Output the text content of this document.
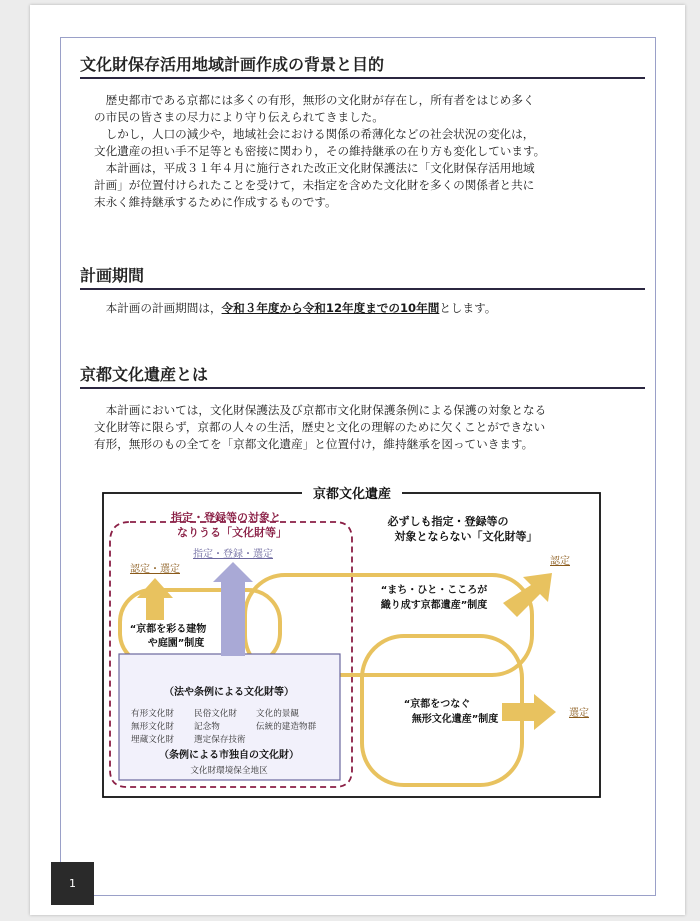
文化財保存活用地域計画作成の背景と目的

歴史都市である京都には多くの有形，無形の文化財が存在し，所有者をはじめ多く
の市民の皆さまの尽力により守り伝えられてきました。
しかし，人口の減少や，地域社会における関係の希薄化などの社会状況の変化は，
文化遺産の担い手不足等とも密接に関わり，その維持継承の在り方も変化しています。
本計画は，平成３１年４月に施行された改正文化財保護法に「文化財保存活用地域
計画」が位置付けられたことを受けて，未指定を含めた文化財を多くの関係者と共に
末永く維持継承するために作成するものです。

計画期間

本計画の計画期間は，令和３年度から令和12年度までの10年間とします。

京都文化遺産とは

本計画においては，文化財保護法及び京都市文化財保護条例による保護の対象となる
文化財等に限らず，京都の人々の生活，歴史と文化の理解のために欠くことができない
有形，無形のもの全てを「京都文化遺産」と位置付け，維持継承を図っていきます。

京都文化遺産
指定・登録等の対象と
なりうる「文化財等」
必ずしも指定・登録等の
対象とならない「文化財等」
指定・登録・選定
認定・選定
認定
選定
“京都を彩る建物
や庭園”制度
“まち・ひと・こころが
織り成す京都遺産”制度
“京都をつなぐ
無形文化遺産”制度
（法や条例による文化財等）
有形文化財 民俗文化財 文化的景観
無形文化財 記念物	伝統的建造物群
埋蔵文化財 選定保存技術
（条例による市独自の文化財）
文化財環境保全地区
1
